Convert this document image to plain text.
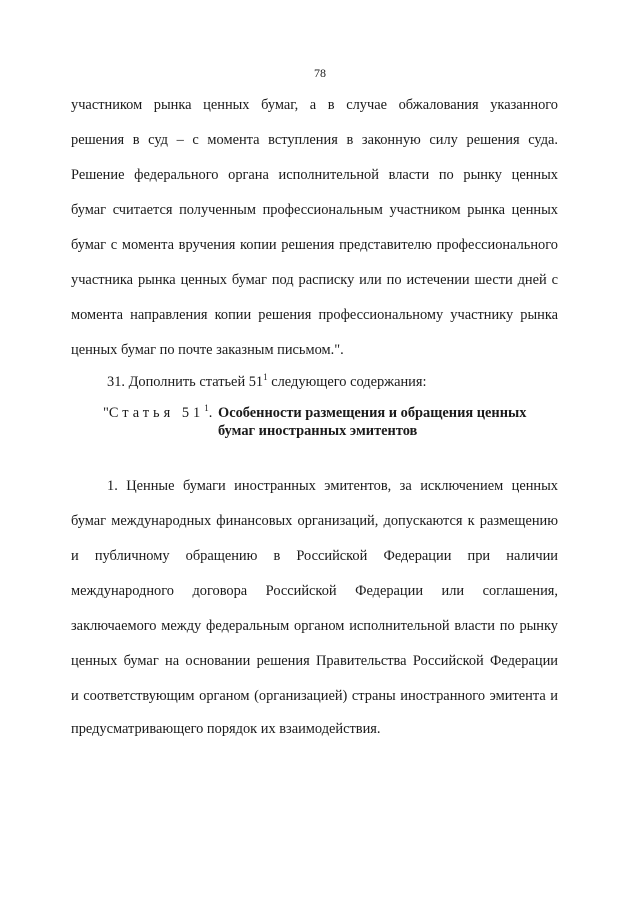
78
участником рынка ценных бумаг, а в случае обжалования указанного
решения в суд – с момента вступления в законную силу решения суда.
Решение федерального органа исполнительной власти по рынку ценных
бумаг считается полученным профессиональным участником рынка ценных
бумаг с момента вручения копии решения представителю профессионального
участника рынка ценных бумаг под расписку или по истечении шести дней с
момента направления копии решения профессиональному участнику рынка
ценных бумаг по почте заказным письмом.".
31. Дополнить статьей $51^1$ следующего содержания:
"Статья $51^1$. Особенности размещения и обращения ценных
бумаг иностранных эмитентов
1. Ценные бумаги иностранных эмитентов, за исключением ценных
бумаг международных финансовых организаций, допускаются к размещению
и публичному обращению в Российской Федерации при наличии
международного договора Российской Федерации или соглашения,
заключаемого между федеральным органом исполнительной власти по рынку
ценных бумаг на основании решения Правительства Российской Федерации
и соответствующим органом (организацией) страны иностранного эмитента и
предусматривающего порядок их взаимодействия.
